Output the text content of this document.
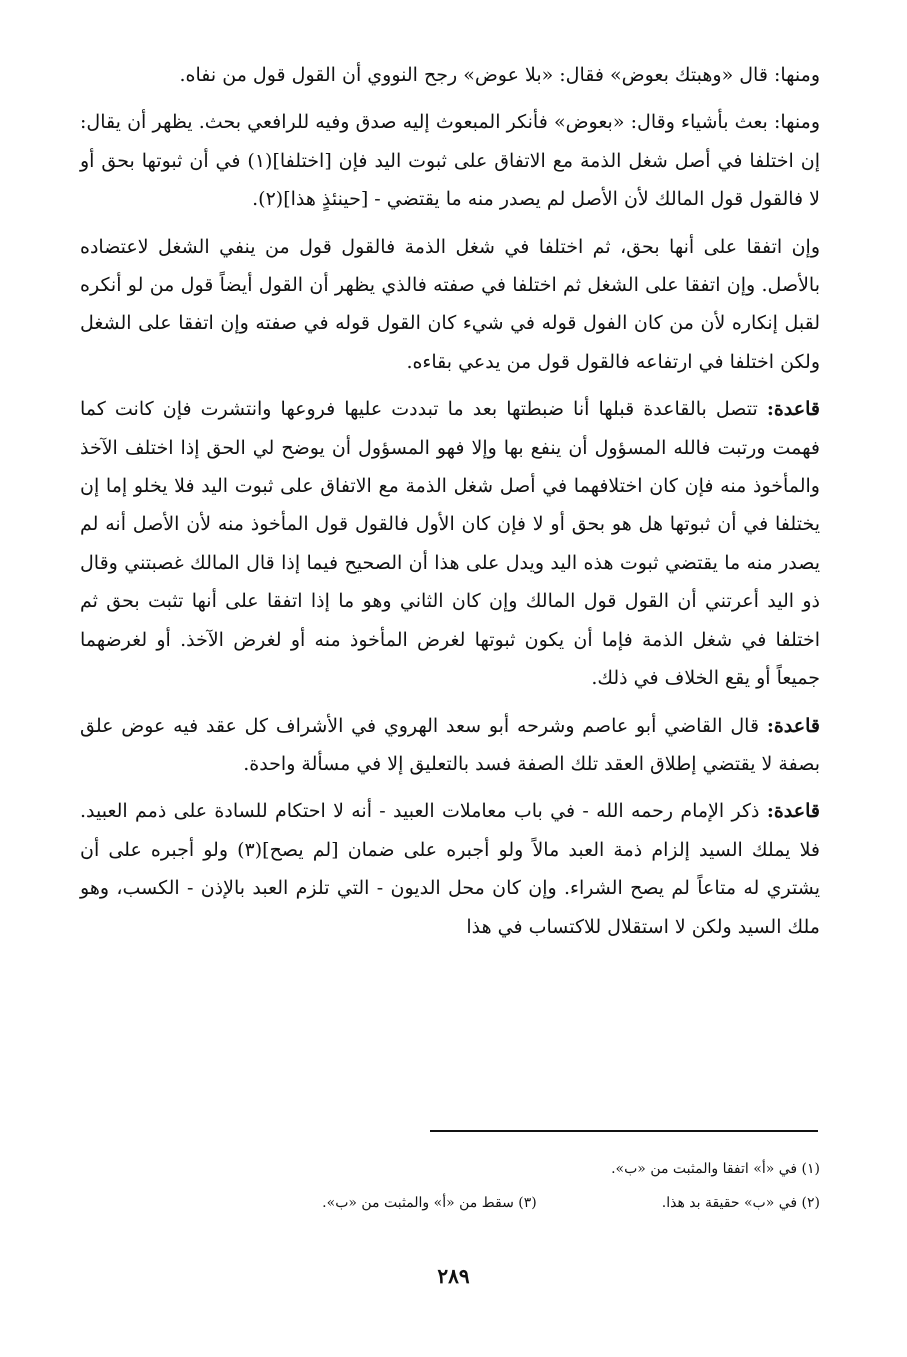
ومنها: قال «وهبتك بعوض» فقال: «بلا عوض» رجح النووي أن القول قول من نفاه.

ومنها: بعث بأشياء وقال: «بعوض» فأنكر المبعوث إليه صدق وفيه للرافعي بحث. يظهر أن يقال: إن اختلفا في أصل شغل الذمة مع الاتفاق على ثبوت اليد فإن [اختلفا](١) في أن ثبوتها بحق أو لا فالقول قول المالك لأن الأصل لم يصدر منه ما يقتضي - [حينئذٍ هذا](٢).

وإن اتفقا على أنها بحق، ثم اختلفا في شغل الذمة فالقول قول من ينفي الشغل لاعتضاده بالأصل. وإن اتفقا على الشغل ثم اختلفا في صفته فالذي يظهر أن القول أيضاً قول من لو أنكره لقبل إنكاره لأن من كان الفول قوله في شيء كان القول قوله في صفته وإن اتفقا على الشغل ولكن اختلفا في ارتفاعه فالقول قول من يدعي بقاءه.

قاعدة: تتصل بالقاعدة قبلها أنا ضبطتها بعد ما تبددت عليها فروعها وانتشرت فإن كانت كما فهمت ورتبت فالله المسؤول أن ينفع بها وإلا فهو المسؤول أن يوضح لي الحق إذا اختلف الآخذ والمأخوذ منه فإن كان اختلافهما في أصل شغل الذمة مع الاتفاق على ثبوت اليد فلا يخلو إما إن يختلفا في أن ثبوتها هل هو بحق أو لا فإن كان الأول فالقول قول المأخوذ منه لأن الأصل أنه لم يصدر منه ما يقتضي ثبوت هذه اليد ويدل على هذا أن الصحيح فيما إذا قال المالك غصبتني وقال ذو اليد أعرتني أن القول قول المالك وإن كان الثاني وهو ما إذا اتفقا على أنها تثبت بحق ثم اختلفا في شغل الذمة فإما أن يكون ثبوتها لغرض المأخوذ منه أو لغرض الآخذ. أو لغرضهما جميعاً أو يقع الخلاف في ذلك.

قاعدة: قال القاضي أبو عاصم وشرحه أبو سعد الهروي في الأشراف كل عقد فيه عوض علق بصفة لا يقتضي إطلاق العقد تلك الصفة فسد بالتعليق إلا في مسألة واحدة.

قاعدة: ذكر الإمام رحمه الله - في باب معاملات العبيد - أنه لا احتكام للسادة على ذمم العبيد. فلا يملك السيد إلزام ذمة العبد مالاً ولو أجبره على ضمان [لم يصح](٣) ولو أجبره على أن يشتري له متاعاً لم يصح الشراء. وإن كان محل الديون - التي تلزم العبد بالإذن - الكسب، وهو ملك السيد ولكن لا استقلال للاكتساب في هذا

(١) في «أ» اتفقا والمثبت من «ب».
(٢) في «ب» حقيقة بد هذا.
(٣) سقط من «أ» والمثبت من «ب».
٢٨٩
